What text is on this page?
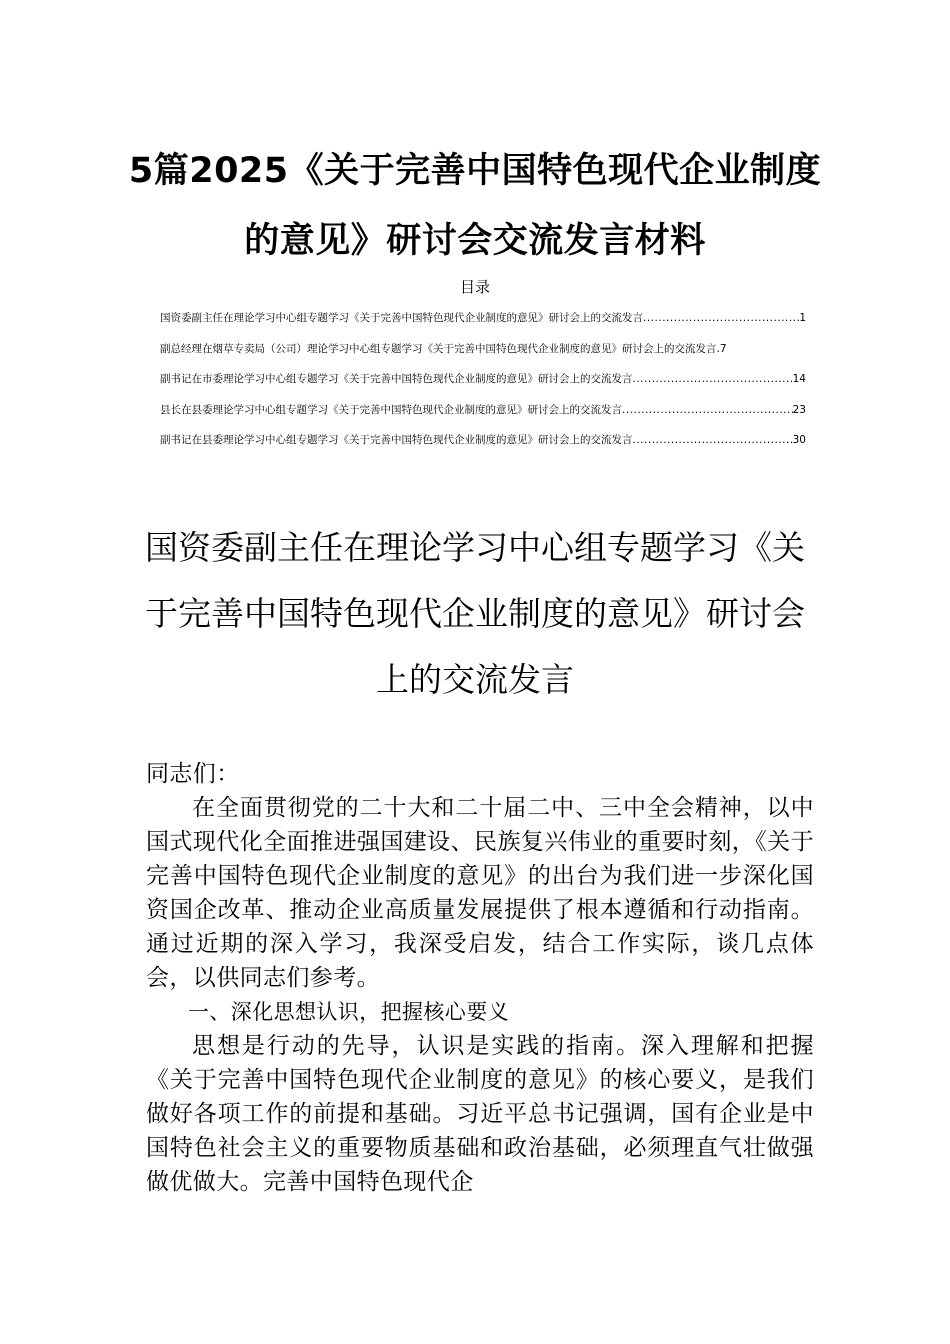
5篇2025《关于完善中国特色现代企业制度的意见》研讨会交流发言材料
目录
国资委副主任在理论学习中心组专题学习《关于完善中国特色现代企业制度的意见》研讨会上的交流发言 .....	1
副总经理在烟草专卖局（公司）理论学习中心组专题学习《关于完善中国特色现代企业制度的意见》研讨会上的交流发言 .7
副书记在市委理论学习中心组专题学习《关于完善中国特色现代企业制度的意见》研讨会上的交流发言 .....	14
县长在县委理论学习中心组专题学习《关于完善中国特色现代企业制度的意见》研讨会上的交流发言 .....	23
副书记在县委理论学习中心组专题学习《关于完善中国特色现代企业制度的意见》研讨会上的交流发言 .....	30
国资委副主任在理论学习中心组专题学习《关于完善中国特色现代企业制度的意见》研讨会上的交流发言

同志们：

在全面贯彻党的二十大和二十届二中、三中全会精神，以中国式现代化全面推进强国建设、民族复兴伟业的重要时刻，《关于完善中国特色现代企业制度的意见》的出台为我们进一步深化国资国企改革、推动企业高质量发展提供了根本遵循和行动指南。通过近期的深入学习，我深受启发，结合工作实际，谈几点体会，以供同志们参考。

一、深化思想认识，把握核心要义

思想是行动的先导，认识是实践的指南。深入理解和把握《关于完善中国特色现代企业制度的意见》的核心要义，是我们做好各项工作的前提和基础。习近平总书记强调，国有企业是中国特色社会主义的重要物质基础和政治基础，必须理直气壮做强做优做大。完善中国特色现代企
